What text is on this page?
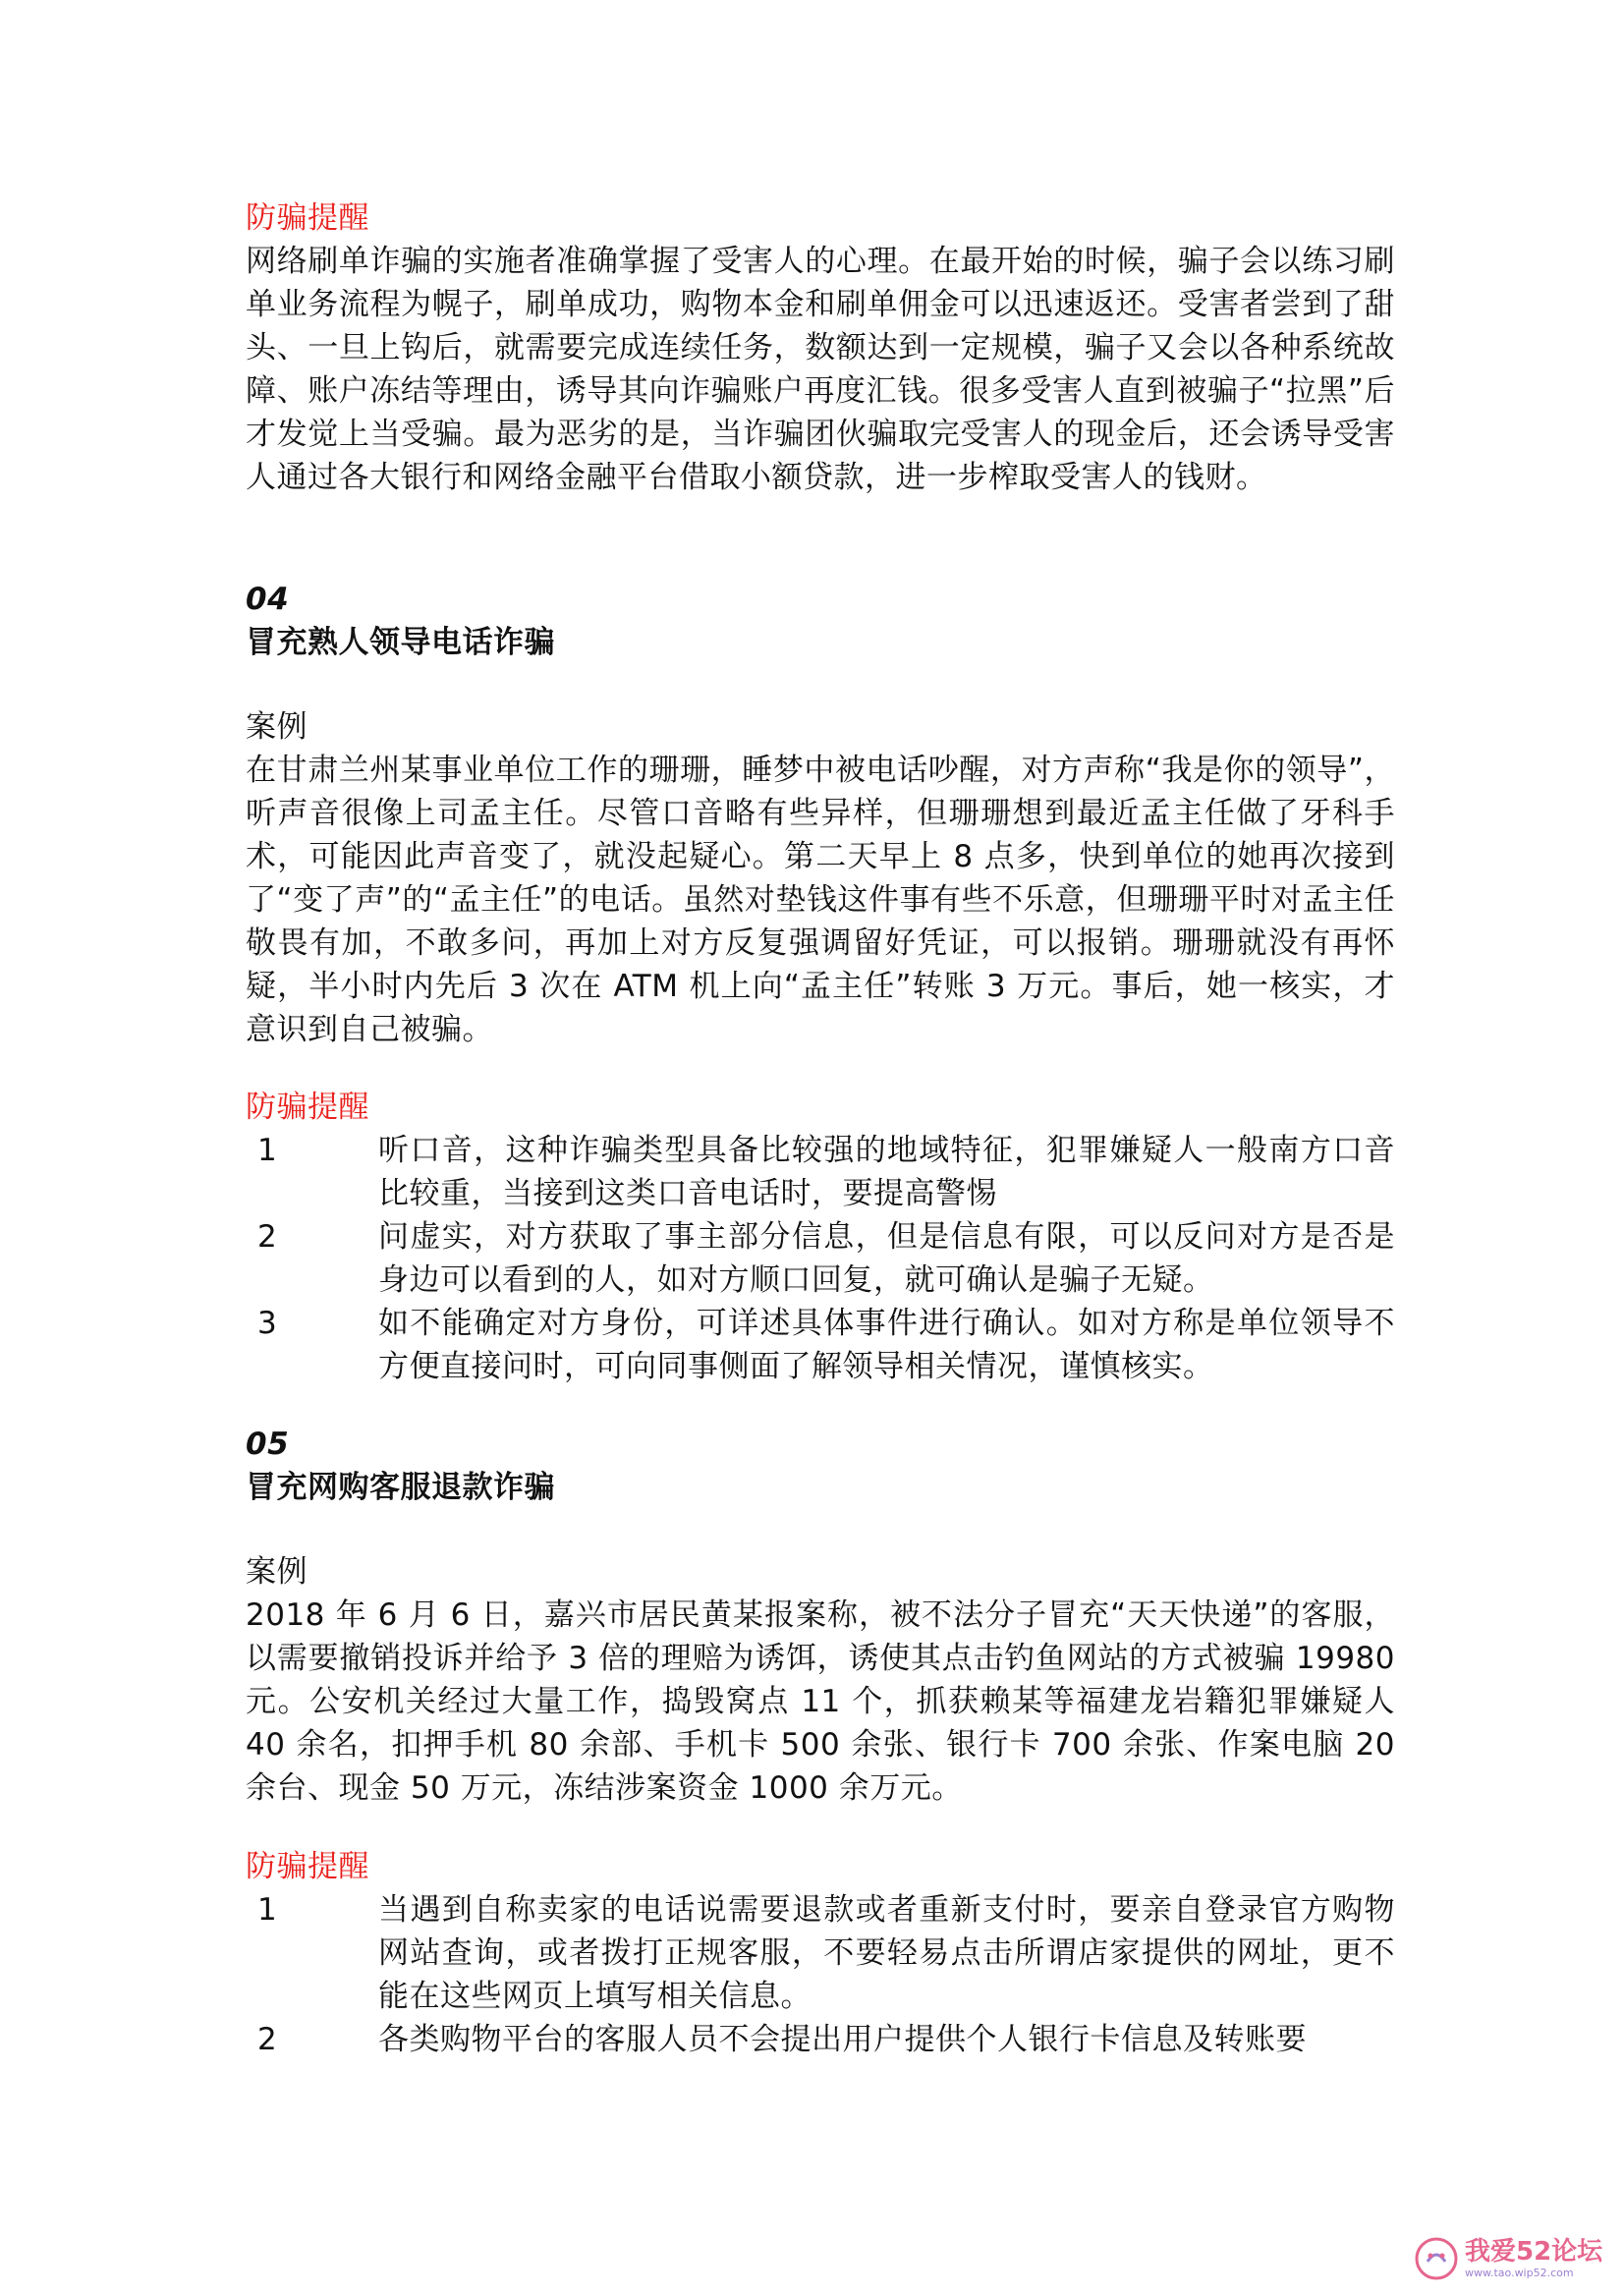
防骗提醒

网络刷单诈骗的实施者准确掌握了受害人的心理。在最开始的时候，骗子会以练习刷单业务流程为幌子，刷单成功，购物本金和刷单佣金可以迅速返还。受害者尝到了甜头、一旦上钩后，就需要完成连续任务，数额达到一定规模，骗子又会以各种系统故障、账户冻结等理由，诱导其向诈骗账户再度汇钱。很多受害人直到被骗子“拉黑”后才发觉上当受骗。最为恶劣的是，当诈骗团伙骗取完受害人的现金后，还会诱导受害人通过各大银行和网络金融平台借取小额贷款，进一步榨取受害人的钱财。

04
冒充熟人领导电话诈骗
案例

在甘肃兰州某事业单位工作的珊珊，睡梦中被电话吵醒，对方声称“我是你的领导”，听声音很像上司孟主任。尽管口音略有些异样，但珊珊想到最近孟主任做了牙科手术，可能因此声音变了，就没起疑心。第二天早上 8 点多，快到单位的她再次接到了“变了声”的“孟主任”的电话。虽然对垫钱这件事有些不乐意，但珊珊平时对孟主任敬畏有加，不敢多问，再加上对方反复强调留好凭证，可以报销。珊珊就没有再怀疑，半小时内先后 3 次在 ATM 机上向“孟主任”转账 3 万元。事后，她一核实，才意识到自己被骗。

防骗提醒
1	听口音，这种诈骗类型具备比较强的地域特征，犯罪嫌疑人一般南方口音比较重，当接到这类口音电话时，要提高警惕
2	问虚实，对方获取了事主部分信息，但是信息有限，可以反问对方是否是身边可以看到的人，如对方顺口回复，就可确认是骗子无疑。
3	如不能确定对方身份，可详述具体事件进行确认。如对方称是单位领导不方便直接问时，可向同事侧面了解领导相关情况，谨慎核实。
05
冒充网购客服退款诈骗
案例

2018 年 6 月 6 日，嘉兴市居民黄某报案称，被不法分子冒充“天天快递”的客服，以需要撤销投诉并给予 3 倍的理赔为诱饵，诱使其点击钓鱼网站的方式被骗 19980 元。公安机关经过大量工作，捣毁窝点 11 个，抓获赖某等福建龙岩籍犯罪嫌疑人 40 余名，扣押手机 80 余部、手机卡 500 余张、银行卡 700 余张、作案电脑 20 余台、现金 50 万元，冻结涉案资金 1000 余万元。

防骗提醒
1	当遇到自称卖家的电话说需要退款或者重新支付时，要亲自登录官方购物网站查询，或者拨打正规客服，不要轻易点击所谓店家提供的网址，更不能在这些网页上填写相关信息。
2	各类购物平台的客服人员不会提出用户提供个人银行卡信息及转账要
我爱52论坛
www.tao.wip52.com
